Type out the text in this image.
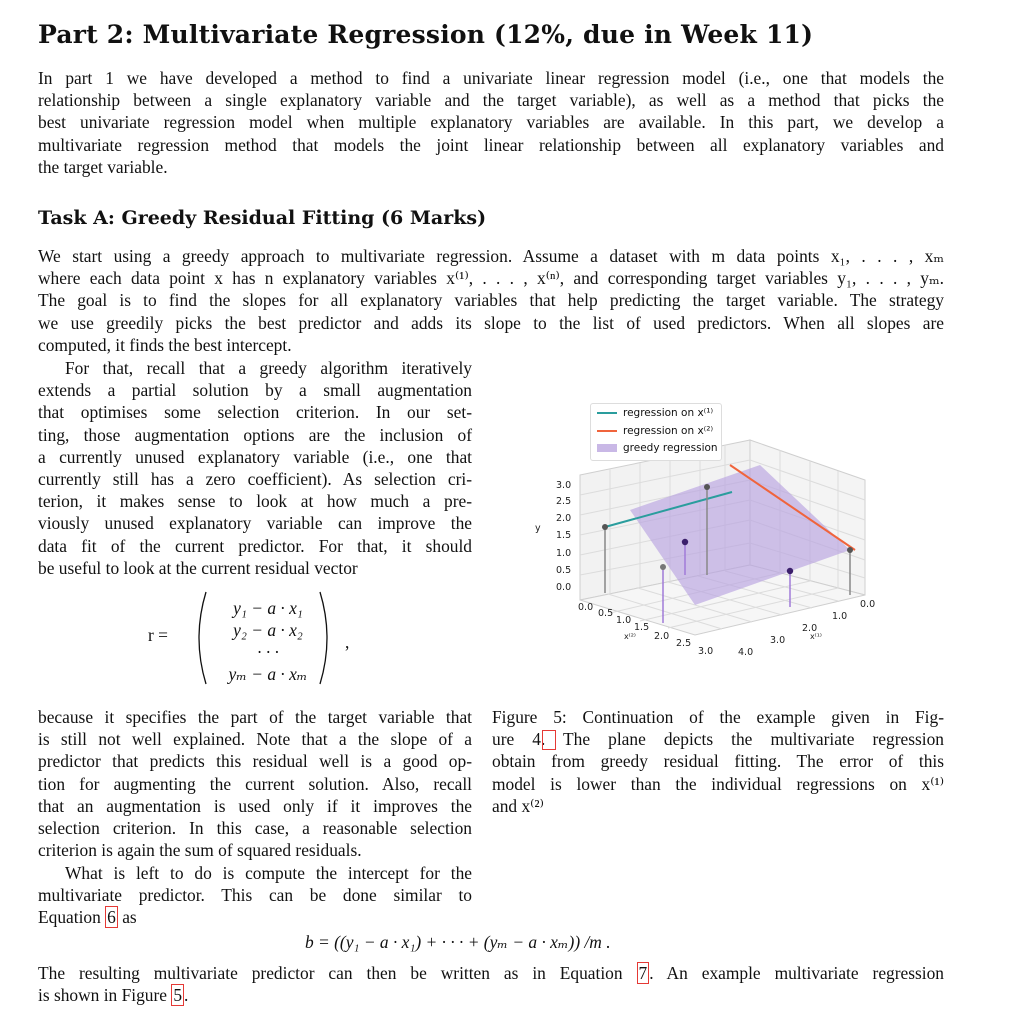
Part 2: Multivariate Regression (12%, due in Week 11)
In part 1 we have developed a method to find a univariate linear regression model (i.e., one that models the
relationship between a single explanatory variable and the target variable), as well as a method that picks the
best univariate regression model when multiple explanatory variables are available. In this part, we develop a
multivariate regression method that models the joint linear relationship between all explanatory variables and
the target variable.
Task A: Greedy Residual Fitting (6 Marks)
We start using a greedy approach to multivariate regression. Assume a dataset with m data points x₁, . . . , xₘ
where each data point x has n explanatory variables x⁽¹⁾, . . . , x⁽ⁿ⁾, and corresponding target variables y₁, . . . , yₘ.
The goal is to find the slopes for all explanatory variables that help predicting the target variable. The strategy
we use greedily picks the best predictor and adds its slope to the list of used predictors. When all slopes are
computed, it finds the best intercept.
For that, recall that a greedy algorithm iteratively
extends a partial solution by a small augmentation
that optimises some selection criterion. In our set-
ting, those augmentation options are the inclusion of
a currently unused explanatory variable (i.e., one that
currently still has a zero coefficient). As selection cri-
terion, it makes sense to look at how much a pre-
viously unused explanatory variable can improve the
data fit of the current predictor. For that, it should
be useful to look at the current residual vector
r =
y₁ − a · x₁
y₂ − a · x₂
· · ·
yₘ − a · xₘ
,
because it specifies the part of the target variable that
is still not well explained. Note that a the slope of a
predictor that predicts this residual well is a good op-
tion for augmenting the current solution. Also, recall
that an augmentation is used only if it improves the
selection criterion. In this case, a reasonable selection
criterion is again the sum of squared residuals.
What is left to do is compute the intercept for the
multivariate predictor. This can be done similar to
Equation 6 as
b = ((y₁ − a · x₁) + · · · + (yₘ − a · xₘ)) /m .
The resulting multivariate predictor can then be written as in Equation 7 . An example multivariate regression
is shown in Figure 5 .
Figure 5: Continuation of the example given in Fig-
ure 4. The plane depicts the multivariate regression
obtain from greedy residual fitting. The error of this
model is lower than the individual regressions on x⁽¹⁾
and x⁽²⁾
y
3.0
2.5
2.0
1.5
1.0
0.5
0.0
0.0
0.5
1.0
1.5
2.0
2.5
3.0
x⁽²⁾
4.0
3.0
2.0
1.0
0.0
x⁽¹⁾
regression on x⁽¹⁾
regression on x⁽²⁾
greedy regression
